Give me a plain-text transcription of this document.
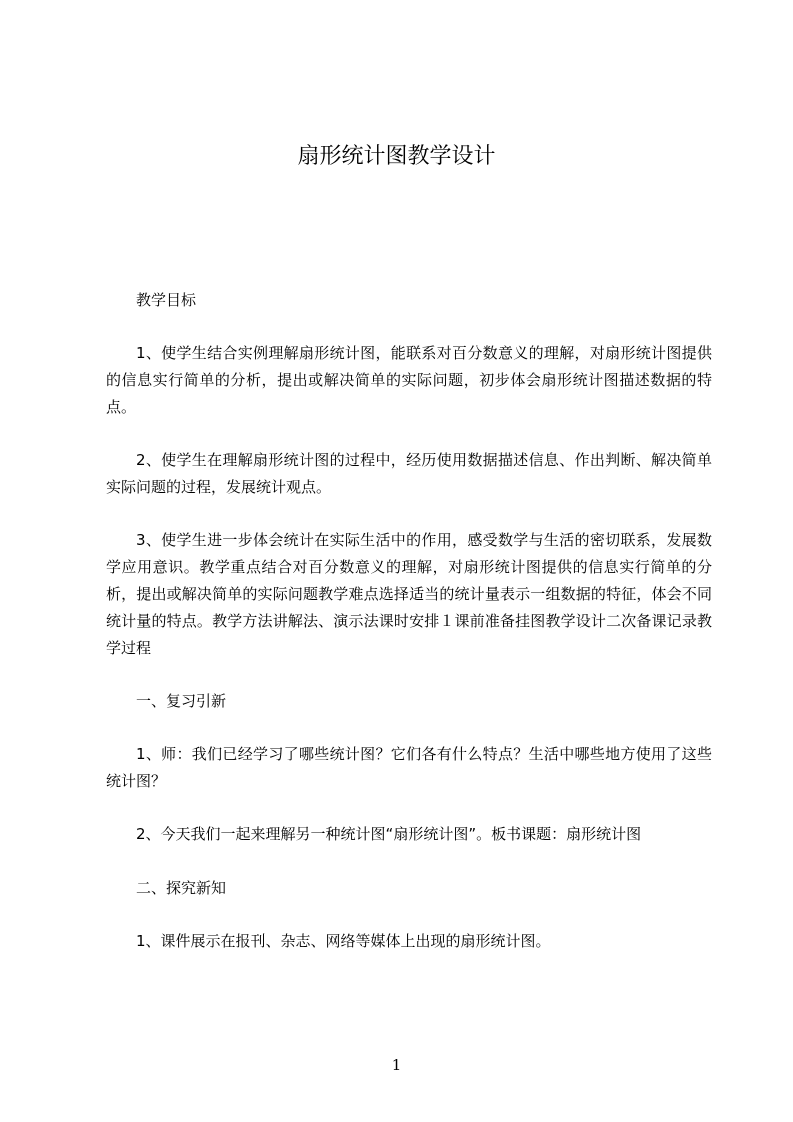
扇形统计图教学设计

教学目标

1、使学生结合实例理解扇形统计图，能联系对百分数意义的理解，对扇形统计图提供的信息实行简单的分析，提出或解决简单的实际问题，初步体会扇形统计图描述数据的特点。

2、使学生在理解扇形统计图的过程中，经历使用数据描述信息、作出判断、解决简单实际问题的过程，发展统计观点。

3、使学生进一步体会统计在实际生活中的作用，感受数学与生活的密切联系，发展数学应用意识。教学重点结合对百分数意义的理解，对扇形统计图提供的信息实行简单的分析，提出或解决简单的实际问题教学难点选择适当的统计量表示一组数据的特征，体会不同统计量的特点。教学方法讲解法、演示法课时安排１课前准备挂图教学设计二次备课记录教学过程

一、复习引新

1、师：我们已经学习了哪些统计图？它们各有什么特点？生活中哪些地方使用了这些统计图？

2、今天我们一起来理解另一种统计图“扇形统计图”。板书课题：扇形统计图

二、探究新知

1、课件展示在报刊、杂志、网络等媒体上出现的扇形统计图。

1
